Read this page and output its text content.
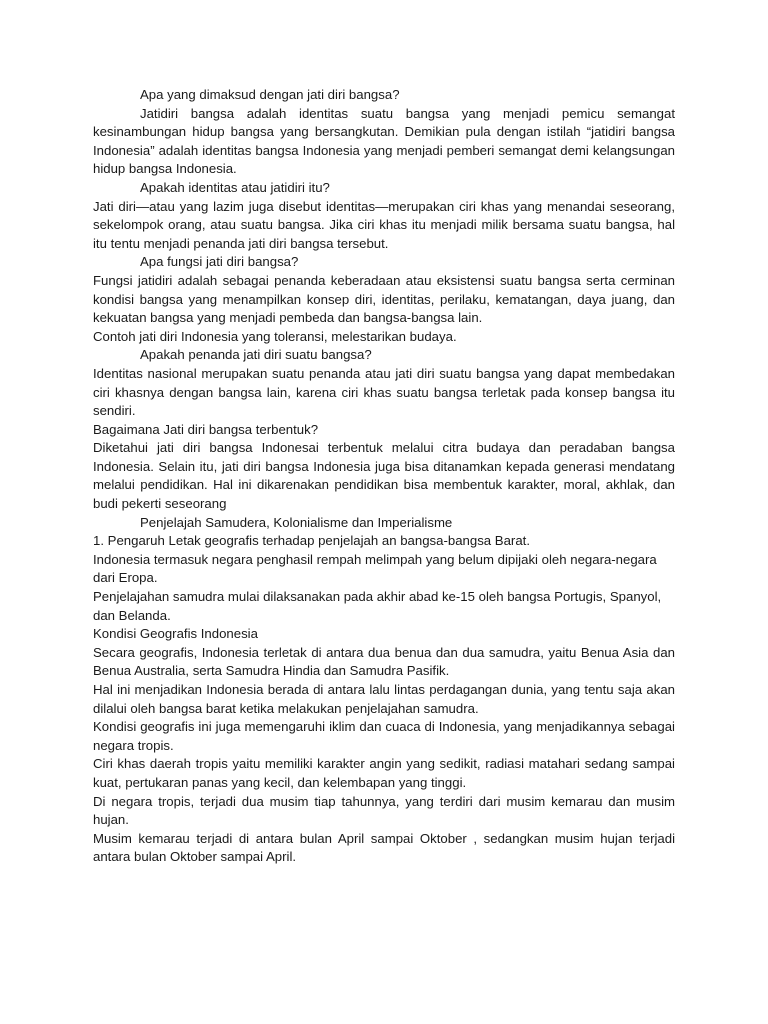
Apa yang dimaksud dengan jati diri bangsa?

Jatidiri bangsa adalah identitas suatu bangsa yang menjadi pemicu semangat kesinambungan hidup bangsa yang bersangkutan. Demikian pula dengan istilah “jatidiri bangsa Indonesia” adalah identitas bangsa Indonesia yang menjadi pemberi semangat demi kelangsungan hidup bangsa Indonesia.

Apakah identitas atau jatidiri itu?

Jati diri—atau yang lazim juga disebut identitas—merupakan ciri khas yang menandai seseorang, sekelompok orang, atau suatu bangsa. Jika ciri khas itu menjadi milik bersama suatu bangsa, hal itu tentu menjadi penanda jati diri bangsa tersebut.

Apa fungsi jati diri bangsa?

Fungsi jatidiri adalah sebagai penanda keberadaan atau eksistensi suatu bangsa serta cerminan kondisi bangsa yang menampilkan konsep diri, identitas, perilaku, kematangan, daya juang, dan kekuatan bangsa yang menjadi pembeda dan bangsa-bangsa lain.

Contoh jati diri Indonesia yang toleransi, melestarikan budaya.

Apakah penanda jati diri suatu bangsa?

Identitas nasional merupakan suatu penanda atau jati diri suatu bangsa yang dapat membedakan ciri khasnya dengan bangsa lain, karena ciri khas suatu bangsa terletak pada konsep bangsa itu sendiri.

Bagaimana Jati diri bangsa terbentuk?

Diketahui jati diri bangsa Indonesai terbentuk melalui citra budaya dan peradaban bangsa Indonesia. Selain itu, jati diri bangsa Indonesia juga bisa ditanamkan kepada generasi mendatang melalui pendidikan. Hal ini dikarenakan pendidikan bisa membentuk karakter, moral, akhlak, dan budi pekerti seseorang

Penjelajah Samudera, Kolonialisme dan Imperialisme

1. Pengaruh Letak geografis terhadap penjelajah an bangsa-bangsa Barat.

Indonesia termasuk negara penghasil rempah melimpah yang belum dipijaki oleh negara-negara dari Eropa.

Penjelajahan samudra mulai dilaksanakan pada akhir abad ke-15 oleh bangsa Portugis, Spanyol, dan Belanda.

Kondisi Geografis Indonesia

Secara geografis, Indonesia terletak di antara dua benua dan dua samudra, yaitu Benua Asia dan Benua Australia, serta Samudra Hindia dan Samudra Pasifik.

Hal ini menjadikan Indonesia berada di antara lalu lintas perdagangan dunia, yang tentu saja akan dilalui oleh bangsa barat ketika melakukan penjelajahan samudra.

Kondisi geografis ini juga memengaruhi iklim dan cuaca di Indonesia, yang menjadikannya sebagai negara tropis.

Ciri khas daerah tropis yaitu memiliki karakter angin yang sedikit, radiasi matahari sedang sampai kuat, pertukaran panas yang kecil, dan kelembapan yang tinggi.

Di negara tropis, terjadi dua musim tiap tahunnya, yang terdiri dari musim kemarau dan musim hujan.

Musim kemarau terjadi di antara bulan April sampai Oktober , sedangkan musim hujan terjadi antara bulan Oktober sampai April.
